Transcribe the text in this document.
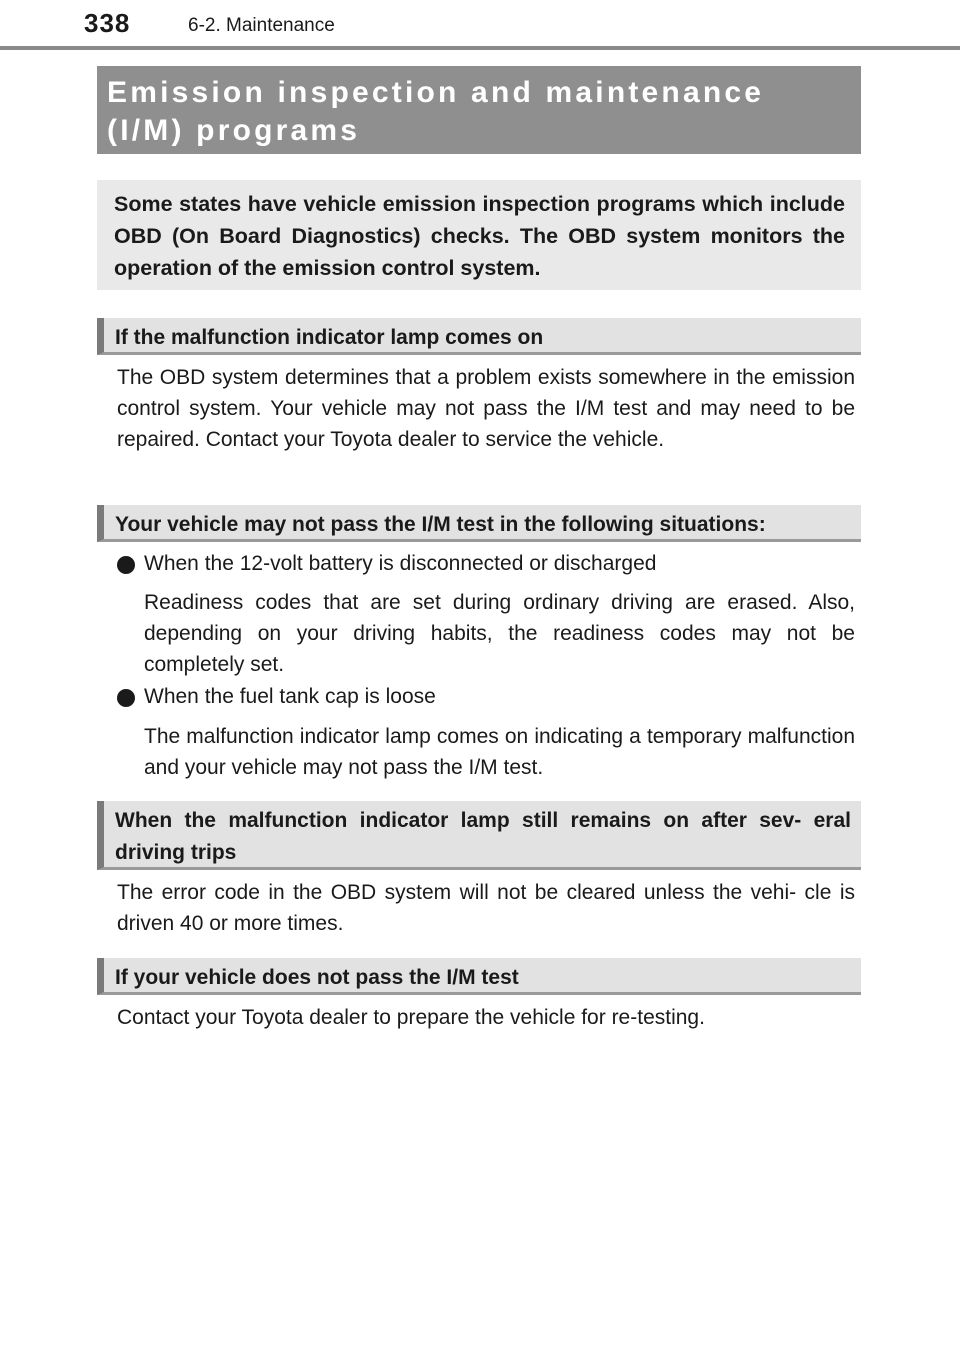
338	6-2. Maintenance
Emission inspection and maintenance (I/M) programs

Some states have vehicle emission inspection programs which include OBD (On Board Diagnostics) checks. The OBD system monitors the operation of the emission control system.

If the malfunction indicator lamp comes on

The OBD system determines that a problem exists somewhere in the emission control system. Your vehicle may not pass the I/M test and may need to be repaired. Contact your Toyota dealer to service the vehicle.

Your vehicle may not pass the I/M test in the following situations:

When the 12-volt battery is disconnected or discharged

Readiness codes that are set during ordinary driving are erased. Also, depending on your driving habits, the readiness codes may not be completely set.

When the fuel tank cap is loose

The malfunction indicator lamp comes on indicating a temporary malfunction and your vehicle may not pass the I/M test.

When the malfunction indicator lamp still remains on after sev- eral driving trips

The error code in the OBD system will not be cleared unless the vehi- cle is driven 40 or more times.

If your vehicle does not pass the I/M test

Contact your Toyota dealer to prepare the vehicle for re-testing.
